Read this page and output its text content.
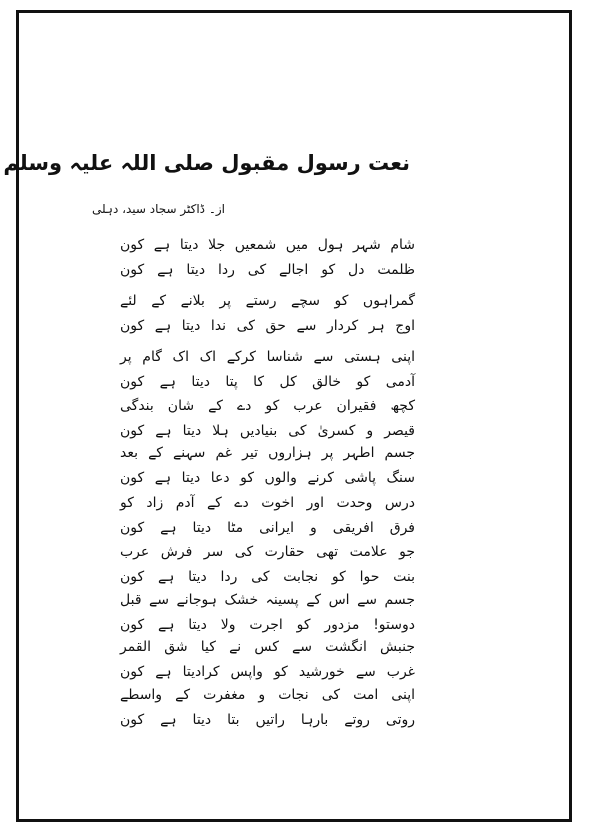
نعت رسول مقبول صلی اللہ علیہ وسلم
از۔ ڈاکٹر سجاد سید، دہلی
شام شہر ہول میں شمعیں جلا دیتا ہے کون
ظلمت دل کو اجالے کی ردا دیتا ہے کون
گمراہوں کو سچے رستے پر بلانے کے لئے
اوج ہر کردار سے حق کی ندا دیتا ہے کون
اپنی ہستی سے شناسا کرکے اک اک گام پر
آدمی کو خالق کل کا پتا دیتا ہے کون
کچھ فقیران عرب کو دے کے شان بندگی
قیصر و کسریٰ کی بنیادیں ہلا دیتا ہے کون
جسم اطہر پر ہزاروں تیر غم سہنے کے بعد
سنگ پاشی کرنے والوں کو دعا دیتا ہے کون
درس وحدت اور اخوت دے کے آدم زاد کو
فرق افریقی و ایرانی مٹا دیتا ہے کون
جو علامت تھی حقارت کی سر فرش عرب
بنت حوا کو نجابت کی ردا دیتا ہے کون
جسم سے اس کے پسینہ خشک ہوجانے سے قبل
دوستو! مزدور کو اجرت ولا دیتا ہے کون
جنبش انگشت سے کس نے کیا شق القمر
غرب سے خورشید کو واپس کرادیتا ہے کون
اپنی امت کی نجات و مغفرت کے واسطے
روتی روتے بارہا راتیں بتا دیتا ہے کون
